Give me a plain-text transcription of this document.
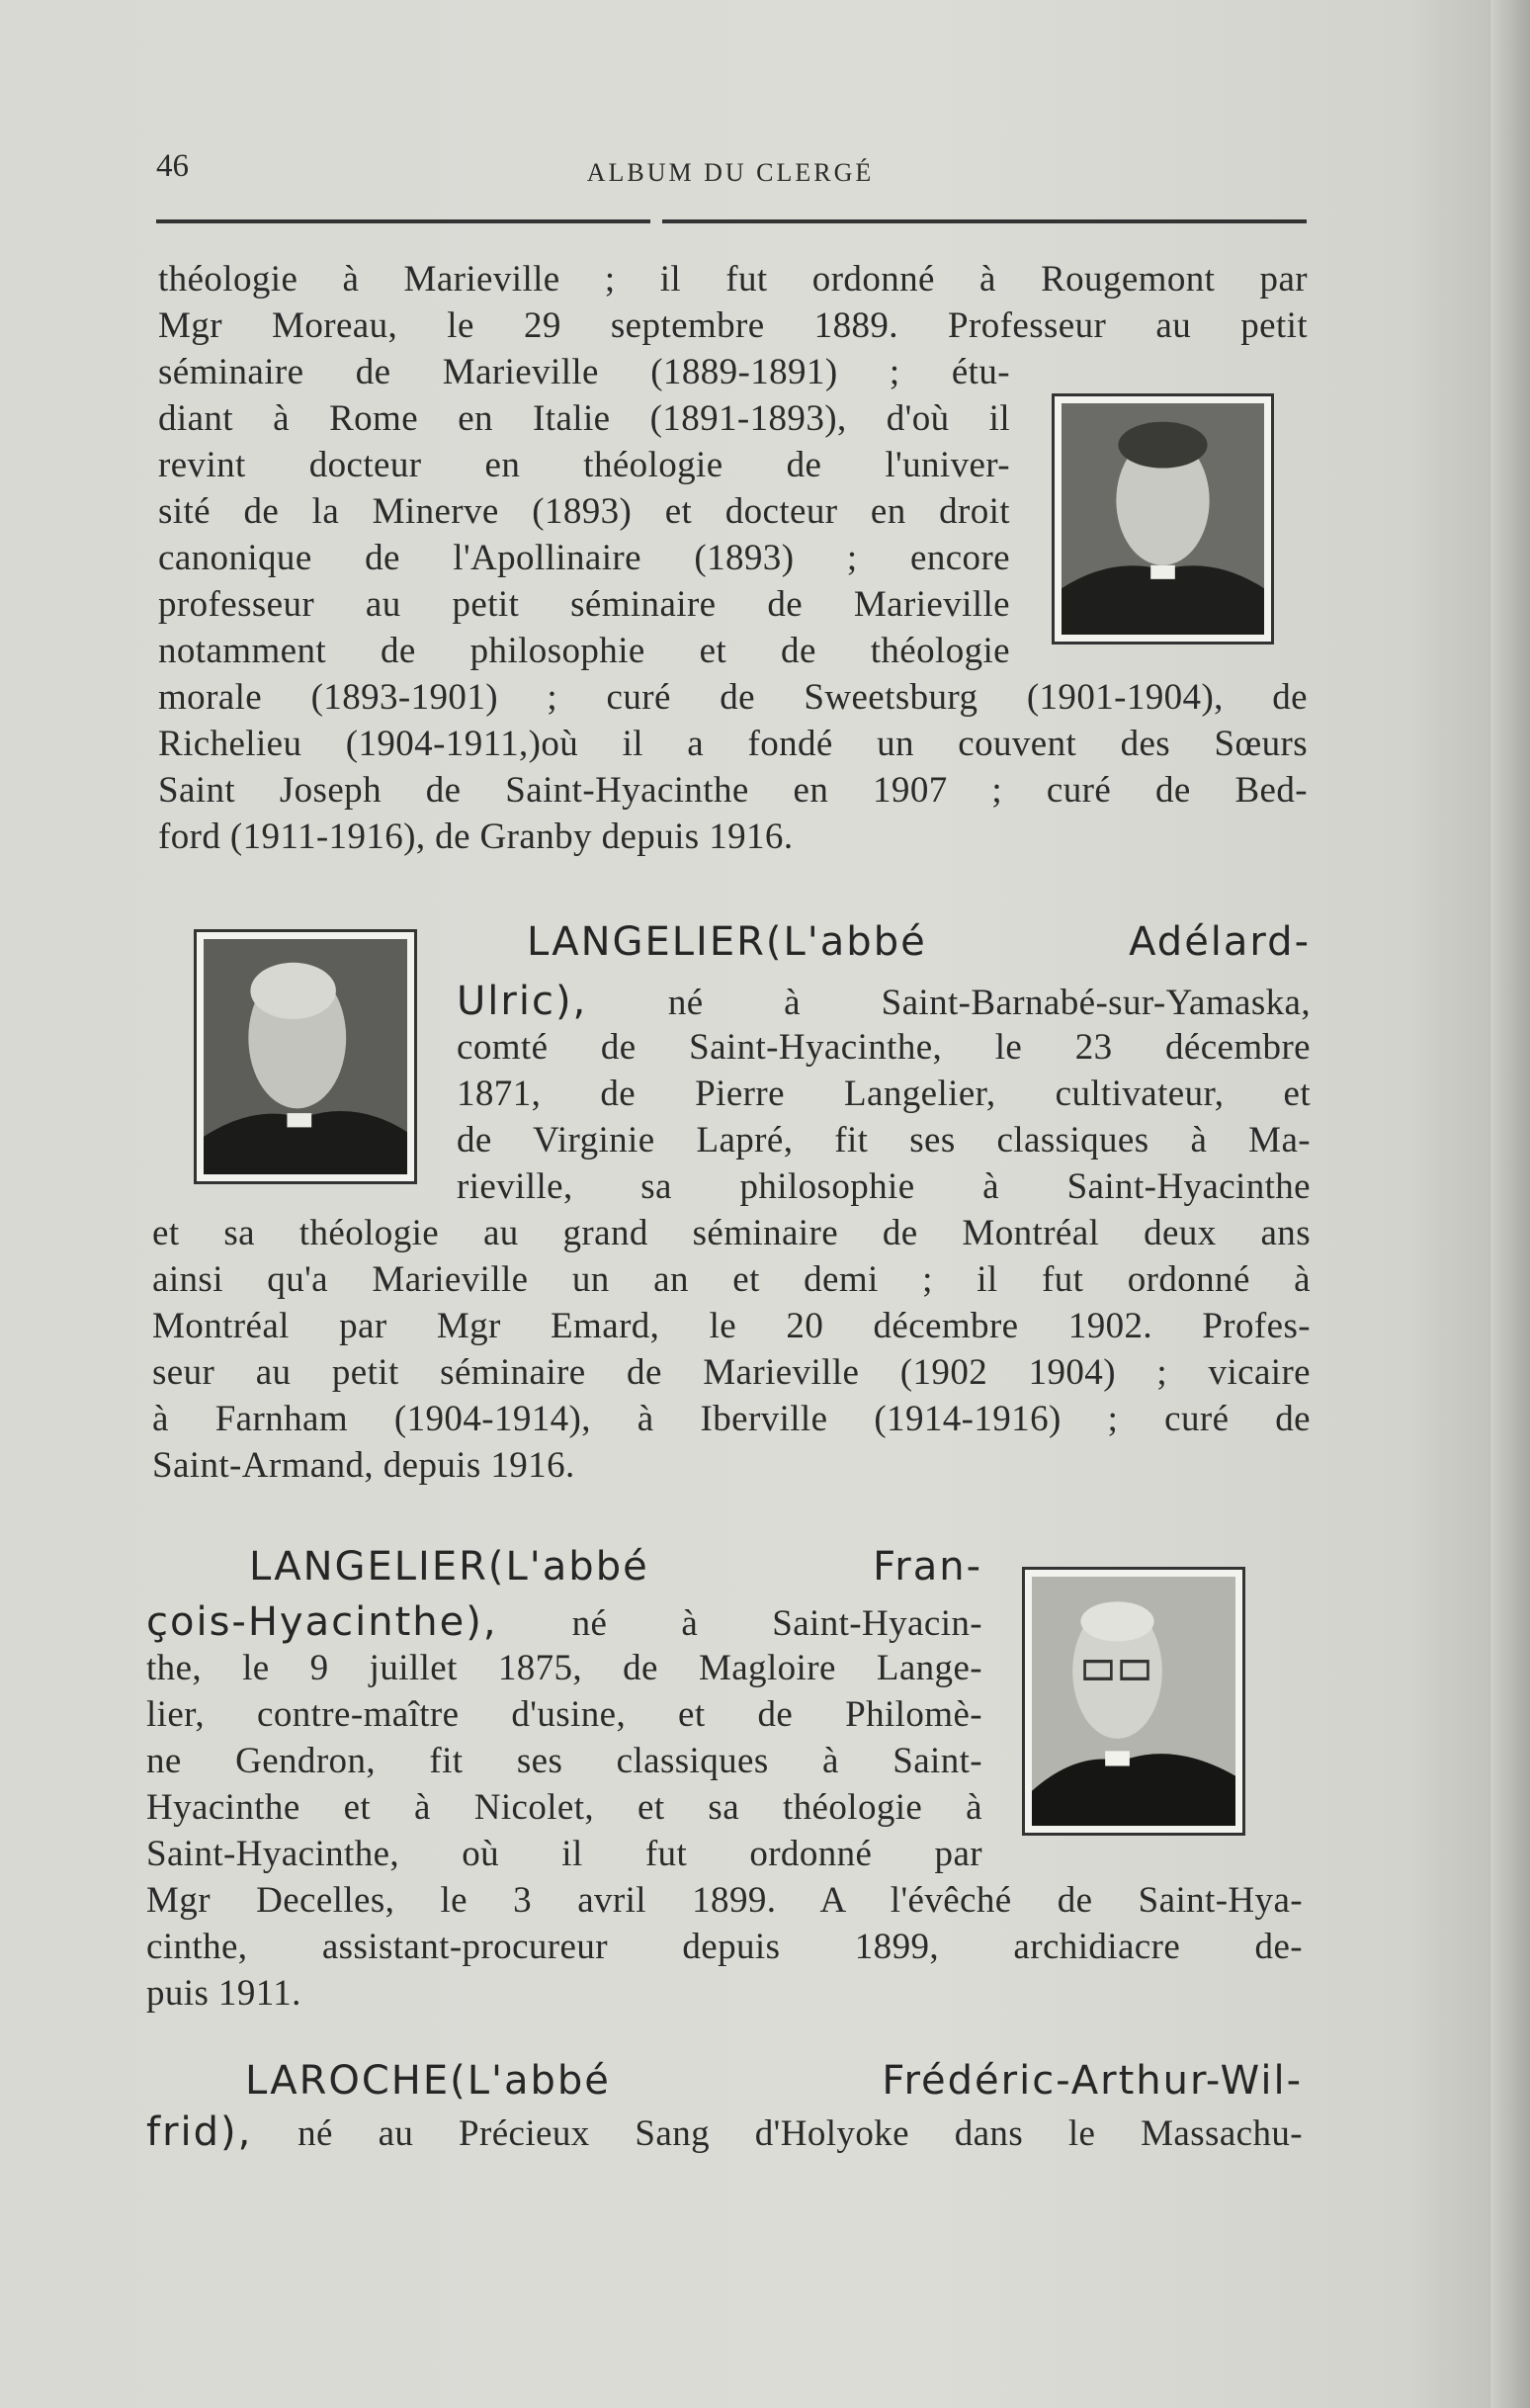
46	ALBUM DU CLERGÉ
théologie à Marieville ; il fut ordonné à Rougemont par
Mgr Moreau, le 29 septembre 1889. Professeur au petit
séminaire de Marieville (1889-1891) ; étu-
diant à Rome en Italie (1891-1893), d'où il
revint docteur en théologie de l'univer-
sité de la Minerve (1893) et docteur en droit
canonique de l'Apollinaire (1893) ; encore
professeur au petit séminaire de Marieville
notamment de philosophie et de théologie
morale (1893-1901) ; curé de Sweetsburg (1901-1904), de
Richelieu (1904-1911,)où il a fondé un couvent des Sœurs
Saint Joseph de Saint-Hyacinthe en 1907 ; curé de Bed-
ford (1911-1916), de Granby depuis 1916.
LANGELIER(L'abbé Adélard-
Ulric), né à Saint-Barnabé-sur-Yamaska,
comté de Saint-Hyacinthe, le 23 décembre
1871, de Pierre Langelier, cultivateur, et
de Virginie Lapré, fit ses classiques à Ma-
rieville, sa philosophie à Saint-Hyacinthe
et sa théologie au grand séminaire de Montréal deux ans
ainsi qu'a Marieville un an et demi ; il fut ordonné à
Montréal par Mgr Emard, le 20 décembre 1902. Profes-
seur au petit séminaire de Marieville (1902 1904) ; vicaire
à Farnham (1904-1914), à Iberville (1914-1916) ; curé de
Saint-Armand, depuis 1916.
LANGELIER(L'abbé Fran-
çois-Hyacinthe), né à Saint-Hyacin-
the, le 9 juillet 1875, de Magloire Lange-
lier, contre-maître d'usine, et de Philomè-
ne Gendron, fit ses classiques à Saint-
Hyacinthe et à Nicolet, et sa théologie à
Saint-Hyacinthe, où il fut ordonné par
Mgr Decelles, le 3 avril 1899. A l'évêché de Saint-Hya-
cinthe, assistant-procureur depuis 1899, archidiacre de-
puis 1911.
LAROCHE(L'abbé Frédéric-Arthur-Wil-
frid), né au Précieux Sang d'Holyoke dans le Massachu-
